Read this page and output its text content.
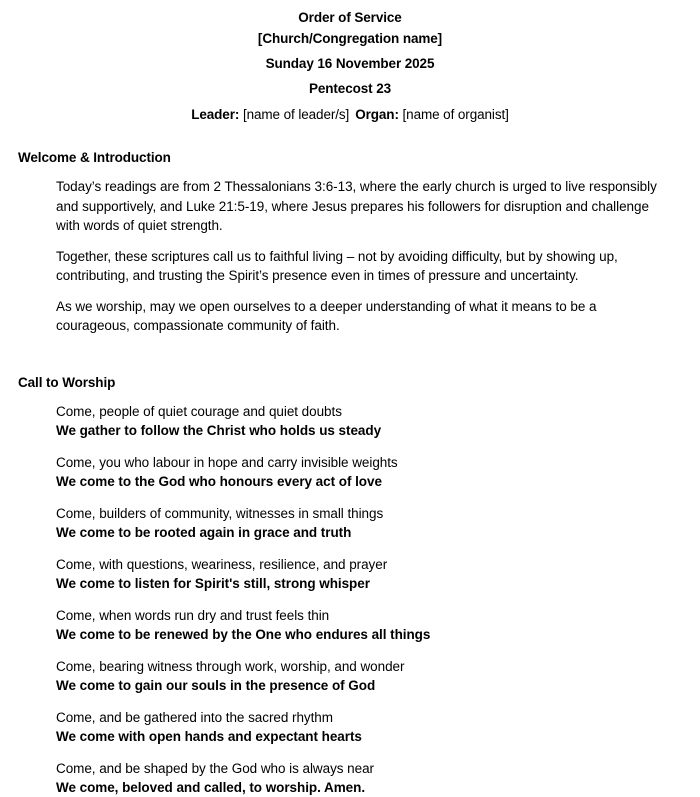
Order of Service
[Church/Congregation name]
Sunday 16 November 2025
Pentecost 23
Leader: [name of leader/s] Organ: [name of organist]
Welcome & Introduction
Today’s readings are from 2 Thessalonians 3:6-13, where the early church is urged to live responsibly and supportively, and Luke 21:5-19, where Jesus prepares his followers for disruption and challenge with words of quiet strength.
Together, these scriptures call us to faithful living – not by avoiding difficulty, but by showing up, contributing, and trusting the Spirit’s presence even in times of pressure and uncertainty.
As we worship, may we open ourselves to a deeper understanding of what it means to be a courageous, compassionate community of faith.
Call to Worship
Come, people of quiet courage and quiet doubts
We gather to follow the Christ who holds us steady
Come, you who labour in hope and carry invisible weights
We come to the God who honours every act of love
Come, builders of community, witnesses in small things
We come to be rooted again in grace and truth
Come, with questions, weariness, resilience, and prayer
We come to listen for Spirit's still, strong whisper
Come, when words run dry and trust feels thin
We come to be renewed by the One who endures all things
Come, bearing witness through work, worship, and wonder
We come to gain our souls in the presence of God
Come, and be gathered into the sacred rhythm
We come with open hands and expectant hearts
Come, and be shaped by the God who is always near
We come, beloved and called, to worship. Amen.
